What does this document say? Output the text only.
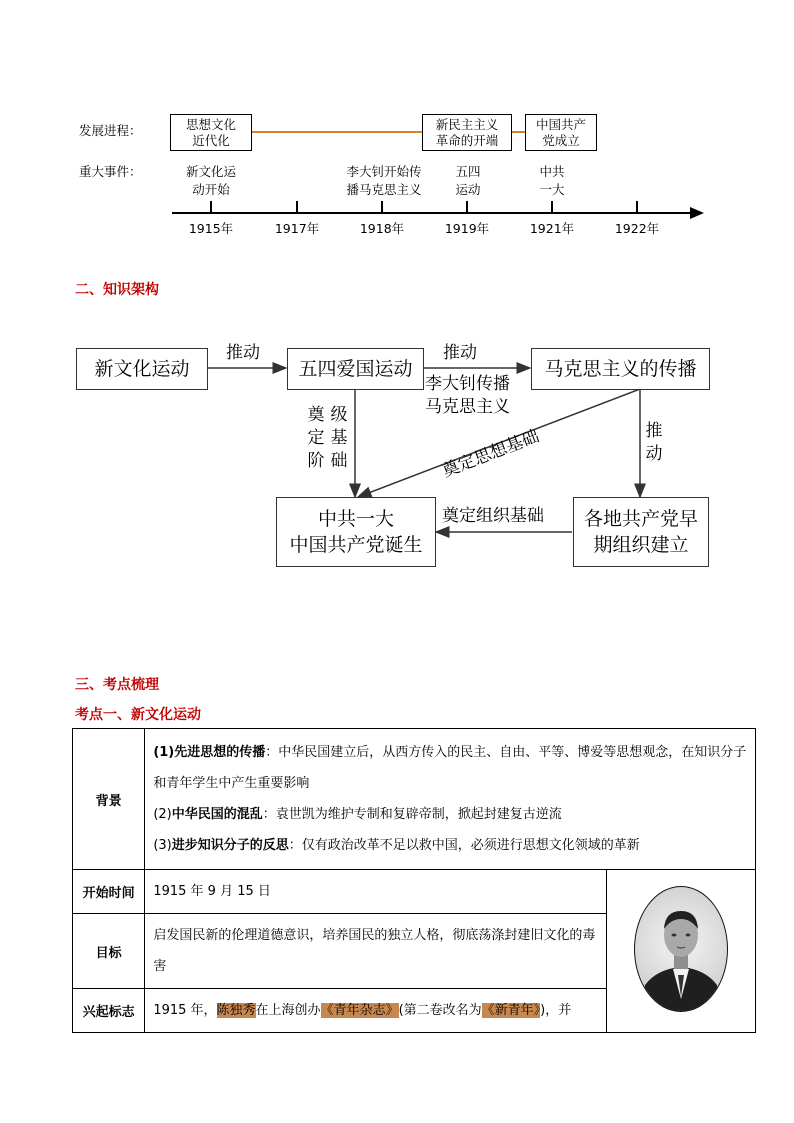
发展进程：
重大事件：
思想文化
近代化
新民主主义
革命的开端
中国共产
党成立
新文化运
动开始
李大钊开始传
播马克思主义
五四
运动
中共
一大
1915年	1917年	1918年	1919年	1921年	1922年
二、知识架构
新文化运动	五四爱国运动	马克思主义的传播
中共一大
中国共产党诞生
各地共产党早
期组织建立
推动	推动
李大钊传播
马克思主义
奠
定
阶
级
基
础
推
动
奠定思想基础
奠定组织基础
三、考点梳理
考点一、新文化运动
背景	(1)先进思想的传播：中华民国建立后，从西方传入的民主、自由、平等、博爱等思想观念，在知识分子和青年学生中产生重要影响
(2)中华民国的混乱：袁世凯为维护专制和复辟帝制，掀起封建复古逆流
(3)进步知识分子的反思：仅有政治改革不足以救中国，必须进行思想文化领域的革新	

开始时间	1915 年 9 月 15 日	
目标	启发国民新的伦理道德意识，培养国民的独立人格，彻底荡涤封建旧文化的毒害	
兴起标志	1915 年，陈独秀在上海创办《青年杂志》(第二卷改名为《新青年》)，并	
